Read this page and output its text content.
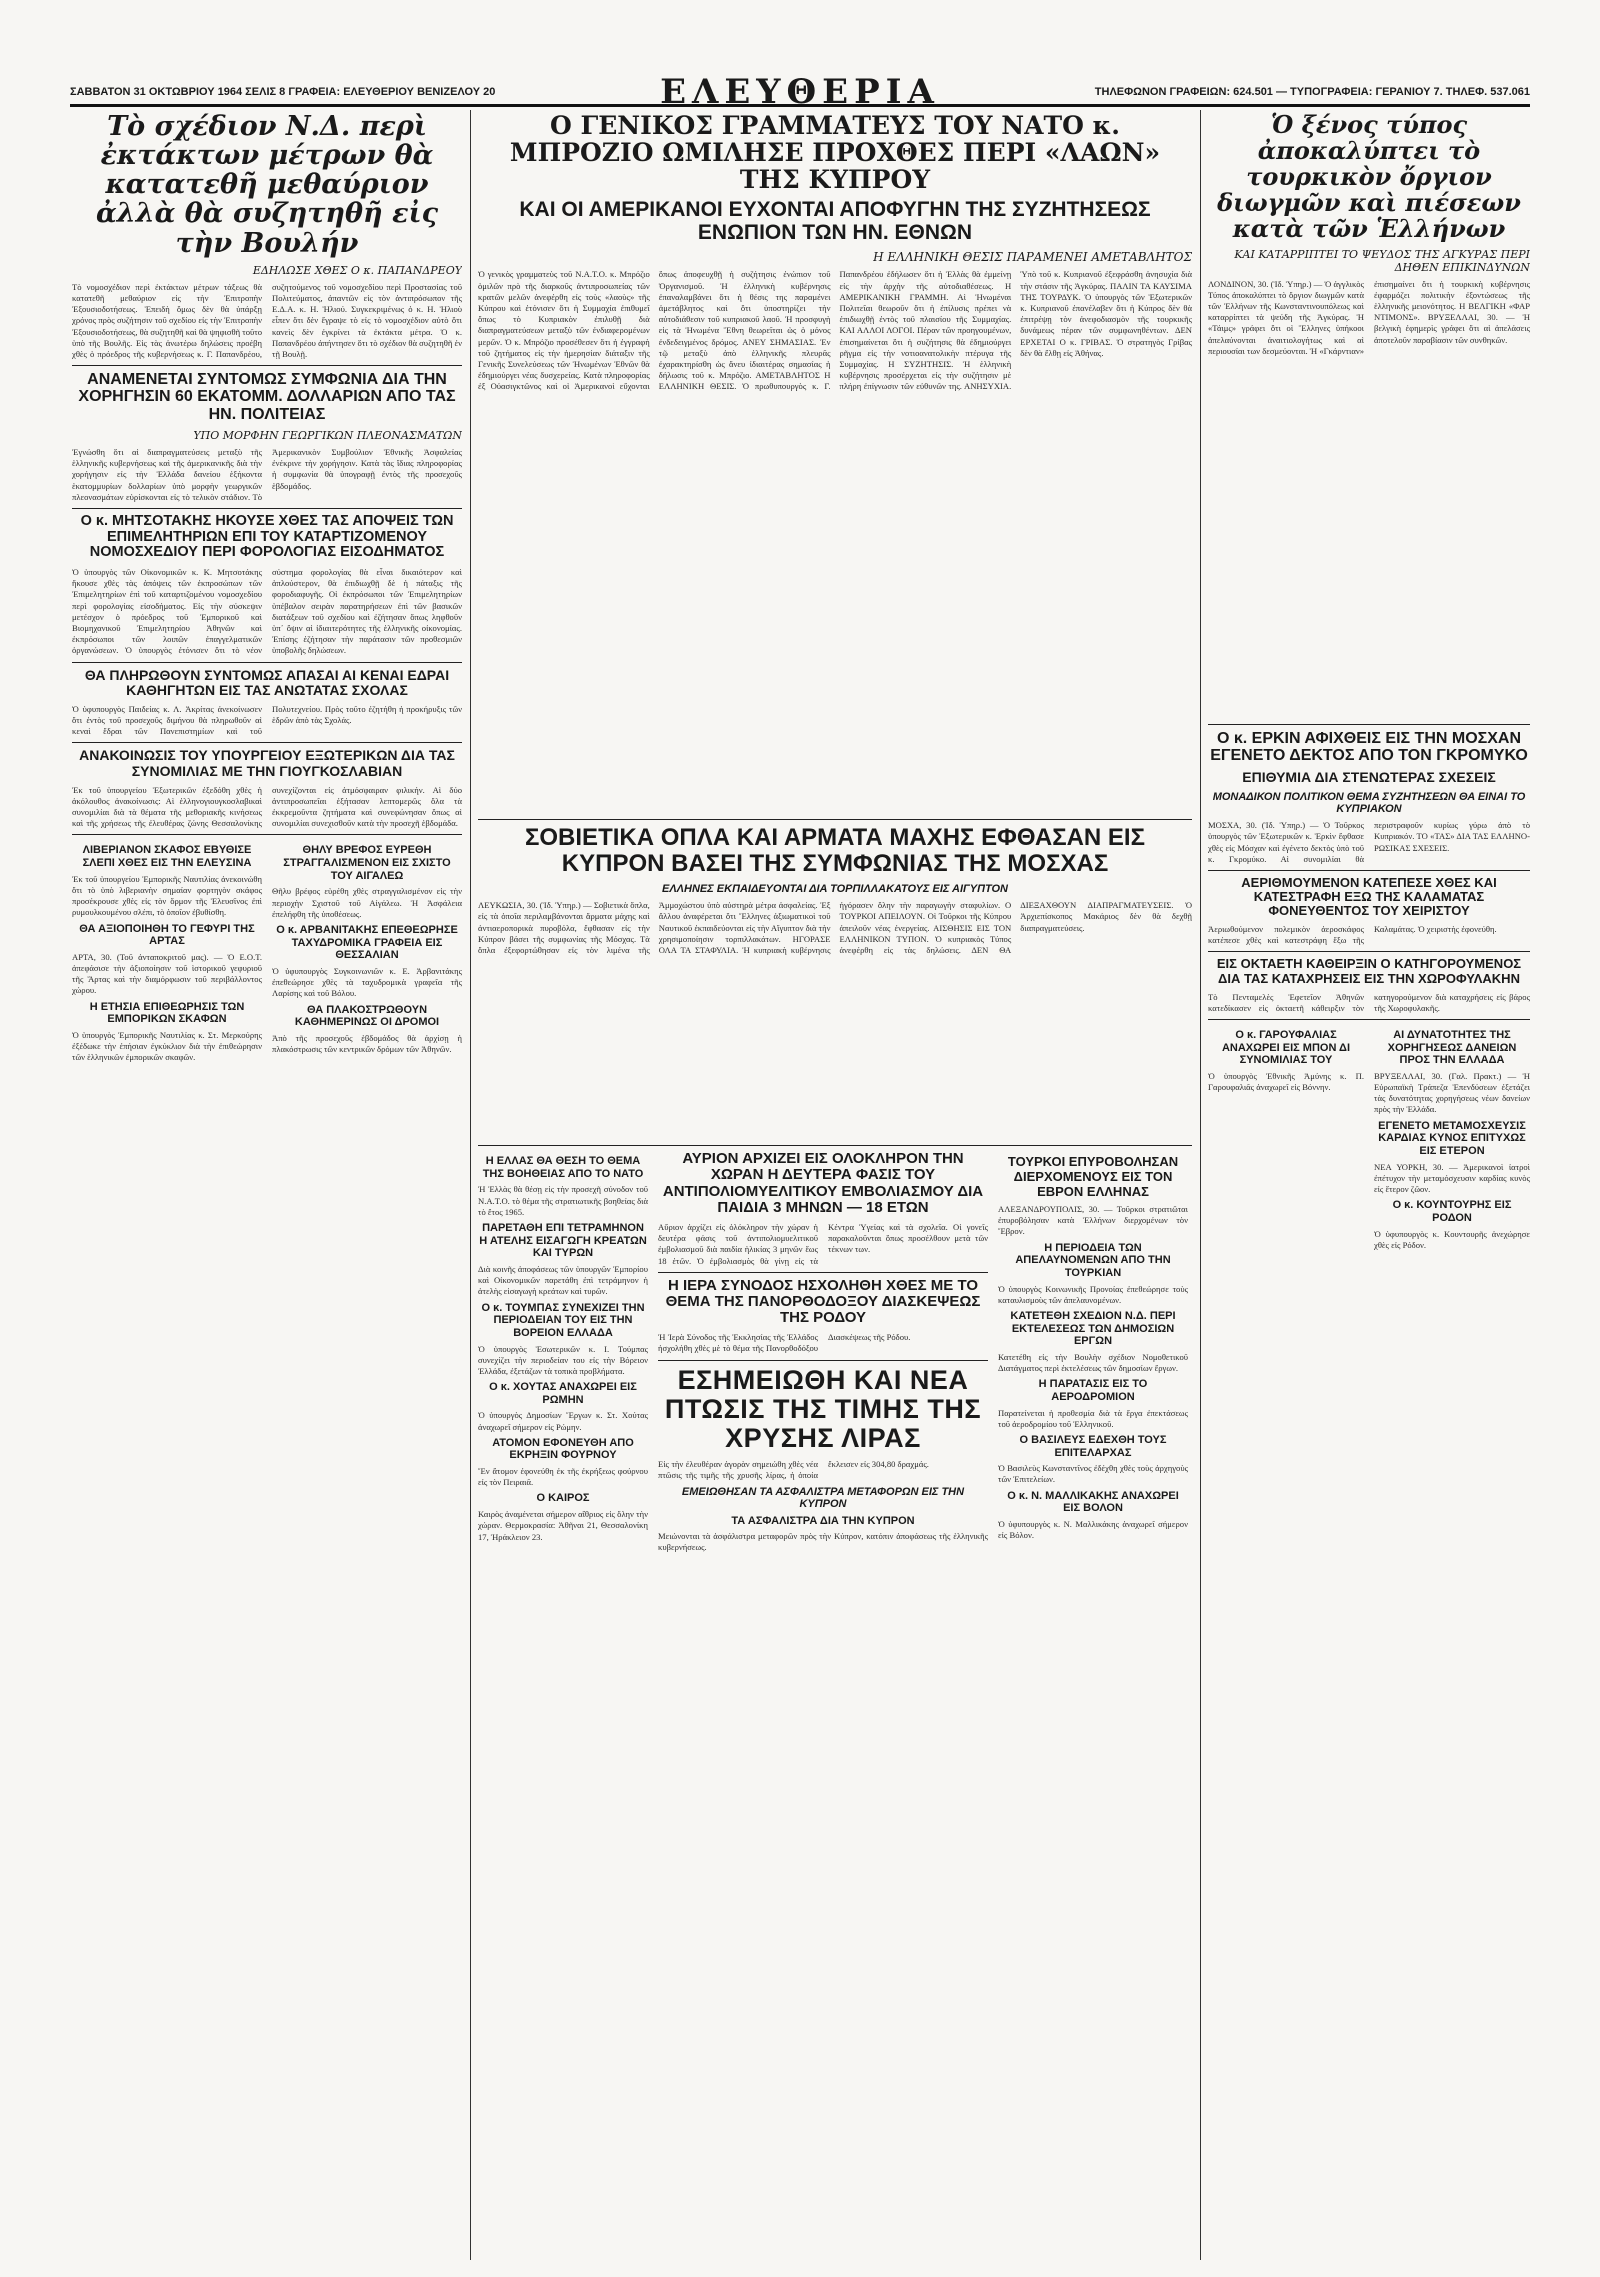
ΣΑΒΒΑΤΟΝ 31 ΟΚΤΩΒΡΙΟΥ 1964 ΣΕΛΙΣ 8 ΓΡΑΦΕΙΑ: ΕΛΕΥΘΕΡΙΟΥ ΒΕΝΙΖΕΛΟΥ 20	ΕΛΕΥΘΕΡΙΑ	ΤΗΛΕΦΩΝΟΝ ΓΡΑΦΕΙΩΝ: 624.501 — ΤΥΠΟΓΡΑΦΕΙΑ: ΓΕΡΑΝΙΟΥ 7. ΤΗΛΕΦ. 537.061
Τὸ σχέδιον Ν.Δ. περὶ ἐκτάκτων μέτρων θὰ κατατεθῆ μεθαύριον ἀλλὰ θὰ συζητηθῆ εἰς τὴν Βουλήν
ΕΔΗΛΩΣΕ ΧΘΕΣ Ο κ. ΠΑΠΑΝΔΡΕΟΥ
Τὸ νομοσχέδιον περὶ ἐκτάκτων μέτρων τάξεως θὰ κατατεθῆ μεθαύριον εἰς τὴν Ἐπιτροπὴν Ἐξουσιοδοτήσεως. Ἐπειδὴ ὅμως δὲν θὰ ὑπάρξῃ χρόνος πρὸς συζήτησιν τοῦ σχεδίου εἰς τὴν Ἐπιτροπὴν Ἐξουσιοδοτήσεως, θὰ συζητηθῆ καὶ θὰ ψηφισθῆ τοῦτο ὑπὸ τῆς Βουλῆς. Εἰς τὰς ἀνωτέρω δηλώσεις προέβη χθὲς ὁ πρόεδρος τῆς κυβερνήσεως κ. Γ. Παπανδρέου, συζητούμενος τοῦ νομοσχεδίου περὶ Προστασίας τοῦ Πολιτεύματος, ἀπαντῶν εἰς τὸν ἀντιπρόσωπον τῆς Ε.Δ.Α. κ. Η. Ἠλιού. Συγκεκριμένως ὁ κ. Η. Ἠλιοὺ εἶπεν ὅτι δὲν ἔγραψε τὸ εἰς τὸ νομοσχέδιον αὐτὸ ὅτι κανεὶς δὲν ἐγκρίνει τὰ ἐκτάκτα μέτρα. Ὁ κ. Παπανδρέου ἀπήντησεν ὅτι τὸ σχέδιον θὰ συζητηθῆ ἐν τῇ Βουλῇ.
ΑΝΑΜΕΝΕΤΑΙ ΣΥΝΤΟΜΩΣ ΣΥΜΦΩΝΙΑ ΔΙΑ ΤΗΝ ΧΟΡΗΓΗΣΙΝ 60 ΕΚΑΤΟΜΜ. ΔΟΛΛΑΡΙΩΝ ΑΠΟ ΤΑΣ ΗΝ. ΠΟΛΙΤΕΙΑΣ
ΥΠΟ ΜΟΡΦΗΝ ΓΕΩΡΓΙΚΩΝ ΠΛΕΟΝΑΣΜΑΤΩΝ
Ἐγνώσθη ὅτι αἱ διαπραγματεύσεις μεταξὺ τῆς ἑλληνικῆς κυβερνήσεως καὶ τῆς ἀμερικανικῆς διὰ τὴν χορήγησιν εἰς τὴν Ἑλλάδα δανείου ἑξήκοντα ἑκατομμυρίων δολλαρίων ὑπὸ μορφὴν γεωργικῶν πλεονασμάτων εὑρίσκονται εἰς τὸ τελικὸν στάδιον. Τὸ Ἀμερικανικὸν Συμβούλιον Ἐθνικῆς Ἀσφαλείας ἐνέκρινε τὴν χορήγησιν. Κατὰ τὰς ἴδιας πληροφορίας ἡ συμφωνία θὰ ὑπογραφῇ ἐντὸς τῆς προσεχοῦς ἑβδομάδος.
Ο κ. ΜΗΤΣΟΤΑΚΗΣ ΗΚΟΥΣΕ ΧΘΕΣ ΤΑΣ ΑΠΟΨΕΙΣ ΤΩΝ ΕΠΙΜΕΛΗΤΗΡΙΩΝ ΕΠΙ ΤΟΥ ΚΑΤΑΡΤΙΖΟΜΕΝΟΥ ΝΟΜΟΣΧΕΔΙΟΥ ΠΕΡΙ ΦΟΡΟΛΟΓΙΑΣ ΕΙΣΟΔΗΜΑΤΟΣ
Ὁ ὑπουργὸς τῶν Οἰκονομικῶν κ. Κ. Μητσοτάκης ἤκουσε χθὲς τὰς ἀπόψεις τῶν ἐκπροσώπων τῶν Ἐπιμελητηρίων ἐπὶ τοῦ καταρτιζομένου νομοσχεδίου περὶ φορολογίας εἰσοδήματος. Εἰς τὴν σύσκεψιν μετέσχον ὁ πρόεδρος τοῦ Ἐμπορικοῦ καὶ Βιομηχανικοῦ Ἐπιμελητηρίου Ἀθηνῶν καὶ ἐκπρόσωποι τῶν λοιπῶν ἐπαγγελματικῶν ὀργανώσεων. Ὁ ὑπουργὸς ἐτόνισεν ὅτι τὸ νέον σύστημα φορολογίας θὰ εἶναι δικαιότερον καὶ ἁπλούστερον, θὰ ἐπιδιωχθῇ δὲ ἡ πάταξις τῆς φοροδιαφυγῆς. Οἱ ἐκπρόσωποι τῶν Ἐπιμελητηρίων ὑπέβαλον σειρὰν παρατηρήσεων ἐπὶ τῶν βασικῶν διατάξεων τοῦ σχεδίου καὶ ἐζήτησαν ὅπως ληφθοῦν ὑπ᾽ ὄψιν αἱ ἰδιαιτερότητες τῆς ἑλληνικῆς οἰκονομίας. Ἐπίσης ἐζήτησαν τὴν παράτασιν τῶν προθεσμιῶν ὑποβολῆς δηλώσεων.
ΘΑ ΠΛΗΡΩΘΟΥΝ ΣΥΝΤΟΜΩΣ ΑΠΑΣΑΙ ΑΙ ΚΕΝΑΙ ΕΔΡΑΙ ΚΑΘΗΓΗΤΩΝ ΕΙΣ ΤΑΣ ΑΝΩΤΑΤΑΣ ΣΧΟΛΑΣ
Ὁ ὑφυπουργὸς Παιδείας κ. Λ. Ἀκρίτας ἀνεκοίνωσεν ὅτι ἐντὸς τοῦ προσεχοῦς διμήνου θὰ πληρωθοῦν αἱ κεναὶ ἕδραι τῶν Πανεπιστημίων καὶ τοῦ Πολυτεχνείου. Πρὸς τοῦτο ἐζητήθη ἡ προκήρυξις τῶν ἑδρῶν ἀπὸ τὰς Σχολάς.
ΑΝΑΚΟΙΝΩΣΙΣ ΤΟΥ ΥΠΟΥΡΓΕΙΟΥ ΕΞΩΤΕΡΙΚΩΝ ΔΙΑ ΤΑΣ ΣΥΝΟΜΙΛΙΑΣ ΜΕ ΤΗΝ ΓΙΟΥΓΚΟΣΛΑΒΙΑΝ
Ἐκ τοῦ ὑπουργείου Ἐξωτερικῶν ἐξεδόθη χθὲς ἡ ἀκόλουθος ἀνακοίνωσις: Αἱ ἑλληνογιουγκοσλαβικαὶ συνομιλίαι διὰ τὰ θέματα τῆς μεθοριακῆς κινήσεως καὶ τῆς χρήσεως τῆς ἐλευθέρας ζώνης Θεσσαλονίκης συνεχίζονται εἰς ἀτμόσφαιραν φιλικήν. Αἱ δύο ἀντιπροσωπεῖαι ἐξήτασαν λεπτομερῶς ὅλα τὰ ἐκκρεμοῦντα ζητήματα καὶ συνεφώνησαν ὅπως αἱ συνομιλίαι συνεχισθοῦν κατὰ τὴν προσεχῆ ἑβδομάδα.
ΛΙΒΕΡΙΑΝΟΝ ΣΚΑΦΟΣ ΕΒΥΘΙΣΕ ΣΛΕΠΙ ΧΘΕΣ ΕΙΣ ΤΗΝ ΕΛΕΥΣΙΝΑ
Ἐκ τοῦ ὑπουργείου Ἐμπορικῆς Ναυτιλίας ἀνεκοινώθη ὅτι τὸ ὑπὸ λιβεριανὴν σημαίαν φορτηγὸν σκάφος προσέκρουσε χθὲς εἰς τὸν ὅρμον τῆς Ἐλευσῖνος ἐπὶ ρυμουλκουμένου σλέπι, τὸ ὁποῖον ἐβυθίσθη.
ΘΑ ΑΞΙΟΠΟΙΗΘΗ ΤΟ ΓΕΦΥΡΙ ΤΗΣ ΑΡΤΑΣ
ΑΡΤΑ, 30. (Τοῦ ἀνταποκριτοῦ μας). — Ὁ Ε.Ο.Τ. ἀπεφάσισε τὴν ἀξιοποίησιν τοῦ ἱστορικοῦ γεφυριοῦ τῆς Ἄρτας καὶ τὴν διαμόρφωσιν τοῦ περιβάλλοντος χώρου.
Η ΕΤΗΣΙΑ ΕΠΙΘΕΩΡΗΣΙΣ ΤΩΝ ΕΜΠΟΡΙΚΩΝ ΣΚΑΦΩΝ
Ὁ ὑπουργὸς Ἐμπορικῆς Ναυτιλίας κ. Στ. Μερκούρης ἐξέδωκε τὴν ἐπήσιαν ἐγκύκλιον διὰ τὴν ἐπιθεώρησιν τῶν ἑλληνικῶν ἐμπορικῶν σκαφῶν.
ΘΗΛΥ ΒΡΕΦΟΣ ΕΥΡΕΘΗ ΣΤΡΑΓΓΑΛΙΣΜΕΝΟΝ ΕΙΣ ΣΧΙΣΤΟ ΤΟΥ ΑΙΓΑΛΕΩ
Θῆλυ βρέφος εὑρέθη χθὲς στραγγαλισμένον εἰς τὴν περιοχὴν Σχιστοῦ τοῦ Αἰγάλεω. Ἡ Ἀσφάλεια ἐπελήφθη τῆς ὑποθέσεως.
Ο κ. ΑΡΒΑΝΙΤΑΚΗΣ ΕΠΕΘΕΩΡΗΣΕ ΤΑΧΥΔΡΟΜΙΚΑ ΓΡΑΦΕΙΑ ΕΙΣ ΘΕΣΣΑΛΙΑΝ
Ὁ ὑφυπουργὸς Συγκοινωνιῶν κ. Ε. Ἀρβανιτάκης ἐπεθεώρησε χθὲς τὰ ταχυδρομικὰ γραφεῖα τῆς Λαρίσης καὶ τοῦ Βόλου.
ΘΑ ΠΛΑΚΟΣΤΡΩΘΟΥΝ ΚΑΘΗΜΕΡΙΝΩΣ ΟΙ ΔΡΟΜΟΙ
Ἀπὸ τῆς προσεχοῦς ἑβδομάδος θὰ ἀρχίσῃ ἡ πλακόστρωσις τῶν κεντρικῶν δρόμων τῶν Ἀθηνῶν.
Ο ΓΕΝΙΚΟΣ ΓΡΑΜΜΑΤΕΥΣ ΤΟΥ ΝΑΤΟ κ. ΜΠΡΟΖΙΟ ΩΜΙΛΗΣΕ ΠΡΟΧΘΕΣ ΠΕΡΙ «ΛΑΩΝ» ΤΗΣ ΚΥΠΡΟΥ
ΚΑΙ ΟΙ ΑΜΕΡΙΚΑΝΟΙ ΕΥΧΟΝΤΑΙ ΑΠΟΦΥΓΗΝ ΤΗΣ ΣΥΖΗΤΗΣΕΩΣ ΕΝΩΠΙΟΝ ΤΩΝ ΗΝ. ΕΘΝΩΝ
Η ΕΛΛΗΝΙΚΗ ΘΕΣΙΣ ΠΑΡΑΜΕΝΕΙ ΑΜΕΤΑΒΛΗΤΟΣ
Ὁ γενικὸς γραμματεὺς τοῦ Ν.Α.Τ.Ο. κ. Μπρόζιο ὁμιλῶν πρὸ τῆς διαρκοῦς ἀντιπροσωπείας τῶν κρατῶν μελῶν ἀνεφέρθη εἰς τοὺς «λαοὺς» τῆς Κύπρου καὶ ἐτόνισεν ὅτι ἡ Συμμαχία ἐπιθυμεῖ ὅπως τὸ Κυπριακὸν ἐπιλυθῇ διὰ διαπραγματεύσεων μεταξὺ τῶν ἐνδιαφερομένων μερῶν. Ὁ κ. Μπρόζιο προσέθεσεν ὅτι ἡ ἐγγραφὴ τοῦ ζητήματος εἰς τὴν ἡμερησίαν διάταξιν τῆς Γενικῆς Συνελεύσεως τῶν Ἡνωμένων Ἐθνῶν θὰ ἐδημιούργει νέας δυσχερείας. Κατὰ πληροφορίας ἐξ Οὐασιγκτῶνος καὶ οἱ Ἀμερικανοὶ εὔχονται ὅπως ἀποφευχθῇ ἡ συζήτησις ἐνώπιον τοῦ Ὀργανισμοῦ. Ἡ ἑλληνικὴ κυβέρνησις ἐπαναλαμβάνει ὅτι ἡ θέσις της παραμένει ἀμετάβλητος καὶ ὅτι ὑποστηρίζει τὴν αὐτοδιάθεσιν τοῦ κυπριακοῦ λαοῦ. Ἡ προσφυγὴ εἰς τὰ Ἡνωμένα Ἔθνη θεωρεῖται ὡς ὁ μόνος ἐνδεδειγμένος δρόμος. ΑΝΕΥ ΣΗΜΑΣΙΑΣ. Ἐν τῷ μεταξὺ ἀπὸ ἑλληνικῆς πλευρᾶς ἐχαρακτηρίσθη ὡς ἄνευ ἰδιαιτέρας σημασίας ἡ δήλωσις τοῦ κ. Μπρόζιο. ΑΜΕΤΑΒΛΗΤΟΣ Η ΕΛΛΗΝΙΚΗ ΘΕΣΙΣ. Ὁ πρωθυπουργὸς κ. Γ. Παπανδρέου ἐδήλωσεν ὅτι ἡ Ἑλλὰς θὰ ἐμμείνῃ εἰς τὴν ἀρχὴν τῆς αὐτοδιαθέσεως. Η ΑΜΕΡΙΚΑΝΙΚΗ ΓΡΑΜΜΗ. Αἱ Ἡνωμέναι Πολιτεῖαι θεωροῦν ὅτι ἡ ἐπίλυσις πρέπει νὰ ἐπιδιωχθῇ ἐντὸς τοῦ πλαισίου τῆς Συμμαχίας. ΚΑΙ ΑΛΛΟΙ ΛΟΓΟΙ. Πέραν τῶν προηγουμένων, ἐπισημαίνεται ὅτι ἡ συζήτησις θὰ ἐδημιούργει ρῆγμα εἰς τὴν νοτιοανατολικὴν πτέρυγα τῆς Συμμαχίας. Η ΣΥΖΗΤΗΣΙΣ. Ἡ ἑλληνικὴ κυβέρνησις προσέρχεται εἰς τὴν συζήτησιν μὲ πλήρη ἐπίγνωσιν τῶν εὐθυνῶν της. ΑΝΗΣΥΧΙΑ. Ὑπὸ τοῦ κ. Κυπριανοῦ ἐξεφράσθη ἀνησυχία διὰ τὴν στάσιν τῆς Ἀγκύρας. ΠΑΛΙΝ ΤΑ ΚΑΥΣΙΜΑ ΤΗΣ ΤΟΥΡΔΥΚ. Ὁ ὑπουργὸς τῶν Ἐξωτερικῶν κ. Κυπριανοῦ ἐπανέλαβεν ὅτι ἡ Κύπρος δὲν θὰ ἐπιτρέψῃ τὸν ἀνεφοδιασμὸν τῆς τουρκικῆς δυνάμεως πέραν τῶν συμφωνηθέντων. ΔΕΝ ΕΡΧΕΤΑΙ Ο κ. ΓΡΙΒΑΣ. Ὁ στρατηγὸς Γρίβας δὲν θὰ ἔλθῃ εἰς Ἀθήνας.
ΣΟΒΙΕΤΙΚΑ ΟΠΛΑ ΚΑΙ ΑΡΜΑΤΑ ΜΑΧΗΣ ΕΦΘΑΣΑΝ ΕΙΣ ΚΥΠΡΟΝ ΒΑΣΕΙ ΤΗΣ ΣΥΜΦΩΝΙΑΣ ΤΗΣ ΜΟΣΧΑΣ
ΕΛΛΗΝΕΣ ΕΚΠΑΙΔΕΥΟΝΤΑΙ ΔΙΑ ΤΟΡΠΙΛΛΑΚΑΤΟΥΣ ΕΙΣ ΑΙΓΥΠΤΟΝ
ΛΕΥΚΩΣΙΑ, 30. (Ἰδ. Ὑπηρ.) — Σοβιετικὰ ὅπλα, εἰς τὰ ὁποῖα περιλαμβάνονται ἅρματα μάχης καὶ ἀντιαεροπορικὰ πυροβόλα, ἔφθασαν εἰς τὴν Κύπρον βάσει τῆς συμφωνίας τῆς Μόσχας. Τὰ ὅπλα ἐξεφορτώθησαν εἰς τὸν λιμένα τῆς Ἀμμοχώστου ὑπὸ αὐστηρὰ μέτρα ἀσφαλείας. Ἐξ ἄλλου ἀναφέρεται ὅτι Ἕλληνες ἀξιωματικοὶ τοῦ Ναυτικοῦ ἐκπαιδεύονται εἰς τὴν Αἴγυπτον διὰ τὴν χρησιμοποίησιν τορπιλλακάτων. ΗΓΟΡΑΣΕ ΟΛΑ ΤΑ ΣΤΑΦΥΛΙΑ. Ἡ κυπριακὴ κυβέρνησις ἠγόρασεν ὅλην τὴν παραγωγὴν σταφυλίων. Ο ΤΟΥΡΚΟΙ ΑΠΕΙΛΟΥΝ. Οἱ Τοῦρκοι τῆς Κύπρου ἀπειλοῦν νέας ἐνεργείας. ΑΙΣΘΗΣΙΣ ΕΙΣ ΤΟΝ ΕΛΛΗΝΙΚΟΝ ΤΥΠΟΝ. Ὁ κυπριακὸς Τύπος ἀνεφέρθη εἰς τὰς δηλώσεις. ΔΕΝ ΘΑ ΔΙΕΞΑΧΘΟΥΝ ΔΙΑΠΡΑΓΜΑΤΕΥΣΕΙΣ. Ὁ Ἀρχιεπίσκοπος Μακάριος δὲν θὰ δεχθῇ διαπραγματεύσεις.
Η ΕΛΛΑΣ ΘΑ ΘΕΣΗ ΤΟ ΘΕΜΑ ΤΗΣ ΒΟΗΘΕΙΑΣ ΑΠΟ ΤΟ ΝΑΤΟ
Ἡ Ἑλλὰς θὰ θέσῃ εἰς τὴν προσεχῆ σύνοδον τοῦ Ν.Α.Τ.Ο. τὸ θέμα τῆς στρατιωτικῆς βοηθείας διὰ τὸ ἔτος 1965.
ΠΑΡΕΤΑΘΗ ΕΠΙ ΤΕΤΡΑΜΗΝΟΝ Η ΑΤΕΛΗΣ ΕΙΣΑΓΩΓΗ ΚΡΕΑΤΩΝ ΚΑΙ ΤΥΡΩΝ
Διὰ κοινῆς ἀποφάσεως τῶν ὑπουργῶν Ἐμπορίου καὶ Οἰκονομικῶν παρετάθη ἐπὶ τετράμηνον ἡ ἀτελὴς εἰσαγωγὴ κρεάτων καὶ τυρῶν.
Ο κ. ΤΟΥΜΠΑΣ ΣΥΝΕΧΙΖΕΙ ΤΗΝ ΠΕΡΙΟΔΕΙΑΝ ΤΟΥ ΕΙΣ ΤΗΝ ΒΟΡΕΙΟΝ ΕΛΛΑΔΑ
Ὁ ὑπουργὸς Ἐσωτερικῶν κ. Ι. Τούμπας συνεχίζει τὴν περιοδείαν του εἰς τὴν Βόρειον Ἑλλάδα, ἐξετάζων τὰ τοπικὰ προβλήματα.
Ο κ. ΧΟΥΤΑΣ ΑΝΑΧΩΡΕΙ ΕΙΣ ΡΩΜΗΝ
Ὁ ὑπουργὸς Δημοσίων Ἔργων κ. Στ. Χούτας ἀναχωρεῖ σήμερον εἰς Ρώμην.
ΑΤΟΜΟΝ ΕΦΟΝΕΥΘΗ ΑΠΟ ΕΚΡΗΞΙΝ ΦΟΥΡΝΟΥ
Ἕν ἄτομον ἐφονεύθη ἐκ τῆς ἐκρήξεως φούρνου εἰς τὸν Πειραιᾶ.
Ο ΚΑΙΡΟΣ
Καιρὸς ἀναμένεται σήμερον αἴθριος εἰς ὅλην τὴν χώραν. Θερμοκρασία: Ἀθῆναι 21, Θεσσαλονίκη 17, Ἡράκλειον 23.
ΑΥΡΙΟΝ ΑΡΧΙΖΕΙ ΕΙΣ ΟΛΟΚΛΗΡΟΝ ΤΗΝ ΧΩΡΑΝ Η ΔΕΥΤΕΡΑ ΦΑΣΙΣ ΤΟΥ ΑΝΤΙΠΟΛΙΟΜΥΕΛΙΤΙΚΟΥ ΕΜΒΟΛΙΑΣΜΟΥ ΔΙΑ ΠΑΙΔΙΑ 3 ΜΗΝΩΝ — 18 ΕΤΩΝ
Αὔριον ἀρχίζει εἰς ὁλόκληρον τὴν χώραν ἡ δευτέρα φάσις τοῦ ἀντιπολιομυελιτικοῦ ἐμβολιασμοῦ διὰ παιδία ἡλικίας 3 μηνῶν ἕως 18 ἐτῶν. Ὁ ἐμβολιασμὸς θὰ γίνῃ εἰς τὰ Κέντρα Ὑγείας καὶ τὰ σχολεῖα. Οἱ γονεῖς παρακαλοῦνται ὅπως προσέλθουν μετὰ τῶν τέκνων των.
Η ΙΕΡΑ ΣΥΝΟΔΟΣ ΗΣΧΟΛΗΘΗ ΧΘΕΣ ΜΕ ΤΟ ΘΕΜΑ ΤΗΣ ΠΑΝΟΡΘΟΔΟΞΟΥ ΔΙΑΣΚΕΨΕΩΣ ΤΗΣ ΡΟΔΟΥ
Ἡ Ἱερὰ Σύνοδος τῆς Ἐκκλησίας τῆς Ἑλλάδος ἠσχολήθη χθὲς μὲ τὸ θέμα τῆς Πανορθοδόξου Διασκέψεως τῆς Ρόδου.
ΕΣΗΜΕΙΩΘΗ ΚΑΙ ΝΕΑ ΠΤΩΣΙΣ ΤΗΣ ΤΙΜΗΣ ΤΗΣ ΧΡΥΣΗΣ ΛΙΡΑΣ
Εἰς τὴν ἐλευθέραν ἀγορὰν σημειώθη χθὲς νέα πτῶσις τῆς τιμῆς τῆς χρυσῆς λίρας, ἡ ὁποία ἔκλεισεν εἰς 304,80 δραχμάς.
ΕΜΕΙΩΘΗΣΑΝ ΤΑ ΑΣΦΑΛΙΣΤΡΑ ΜΕΤΑΦΟΡΩΝ ΕΙΣ ΤΗΝ ΚΥΠΡΟΝ
ΤΑ ΑΣΦΑΛΙΣΤΡΑ ΔΙΑ ΤΗΝ ΚΥΠΡΟΝ
Μειώνονται τὰ ἀσφάλιστρα μεταφορῶν πρὸς τὴν Κύπρον, κατόπιν ἀποφάσεως τῆς ἑλληνικῆς κυβερνήσεως.
ΤΟΥΡΚΟΙ ΕΠΥΡΟΒΟΛΗΣΑΝ ΔΙΕΡΧΟΜΕΝΟΥΣ ΕΙΣ ΤΟΝ ΕΒΡΟΝ ΕΛΛΗΝΑΣ
ΑΛΕΞΑΝΔΡΟΥΠΟΛΙΣ, 30. — Τοῦρκοι στρατιῶται ἐπυροβόλησαν κατὰ Ἑλλήνων διερχομένων τὸν Ἕβρον.
Η ΠΕΡΙΟΔΕΙΑ ΤΩΝ ΑΠΕΛΑΥΝΟΜΕΝΩΝ ΑΠΟ ΤΗΝ ΤΟΥΡΚΙΑΝ
Ὁ ὑπουργὸς Κοινωνικῆς Προνοίας ἐπεθεώρησε τοὺς καταυλισμοὺς τῶν ἀπελαυνομένων.
ΚΑΤΕΤΕΘΗ ΣΧΕΔΙΟΝ Ν.Δ. ΠΕΡΙ ΕΚΤΕΛΕΣΕΩΣ ΤΩΝ ΔΗΜΟΣΙΩΝ ΕΡΓΩΝ
Κατετέθη εἰς τὴν Βουλὴν σχέδιον Νομοθετικοῦ Διατάγματος περὶ ἐκτελέσεως τῶν δημοσίων ἔργων.
Η ΠΑΡΑΤΑΣΙΣ ΕΙΣ ΤΟ ΑΕΡΟΔΡΟΜΙΟΝ
Παρατείνεται ἡ προθεσμία διὰ τὰ ἔργα ἐπεκτάσεως τοῦ ἀεροδρομίου τοῦ Ἑλληνικοῦ.
Ο ΒΑΣΙΛΕΥΣ ΕΔΕΧΘΗ ΤΟΥΣ ΕΠΙΤΕΛΑΡΧΑΣ
Ὁ Βασιλεὺς Κωνσταντῖνος ἐδέχθη χθὲς τοὺς ἀρχηγοὺς τῶν Ἐπιτελείων.
Ο κ. Ν. ΜΑΛΛΙΚΑΚΗΣ ΑΝΑΧΩΡΕΙ ΕΙΣ ΒΟΛΟΝ
Ὁ ὑφυπουργὸς κ. Ν. Μαλλικάκης ἀναχωρεῖ σήμερον εἰς Βόλον.
Ὁ ξένος τύπος ἀποκαλύπτει τὸ τουρκικὸν ὄργιον διωγμῶν καὶ πιέσεων κατὰ τῶν Ἑλλήνων
ΚΑΙ ΚΑΤΑΡΡΙΠΤΕΙ ΤΟ ΨΕΥΔΟΣ ΤΗΣ ΑΓΚΥΡΑΣ ΠΕΡΙ ΔΗΘΕΝ ΕΠΙΚΙΝΔΥΝΩΝ
ΛΟΝΔΙΝΟΝ, 30. (Ἰδ. Ὑπηρ.) — Ὁ ἀγγλικὸς Τύπος ἀποκαλύπτει τὸ ὄργιον διωγμῶν κατὰ τῶν Ἑλλήνων τῆς Κωνσταντινουπόλεως καὶ καταρρίπτει τὰ ψεύδη τῆς Ἀγκύρας. Ἡ «Τάιμς» γράφει ὅτι οἱ Ἕλληνες ὑπήκοοι ἀπελαύνονται ἀναιτιολογήτως καὶ αἱ περιουσίαι των δεσμεύονται. Ἡ «Γκάρντιαν» ἐπισημαίνει ὅτι ἡ τουρκικὴ κυβέρνησις ἐφαρμόζει πολιτικὴν ἐξοντώσεως τῆς ἑλληνικῆς μειονότητος. Η ΒΕΛΓΙΚΗ «ΦΑΡ ΝΤΙΜΟΝΣ». ΒΡΥΞΕΛΛΑΙ, 30. — Ἡ βελγικὴ ἐφημερὶς γράφει ὅτι αἱ ἀπελάσεις ἀποτελοῦν παραβίασιν τῶν συνθηκῶν.
Ο κ. ΕΡΚΙΝ ΑΦΙΧΘΕΙΣ ΕΙΣ ΤΗΝ ΜΟΣΧΑΝ ΕΓΕΝΕΤΟ ΔΕΚΤΟΣ ΑΠΟ ΤΟΝ ΓΚΡΟΜΥΚΟ
ΕΠΙΘΥΜΙΑ ΔΙΑ ΣΤΕΝΩΤΕΡΑΣ ΣΧΕΣΕΙΣ
ΜΟΝΑΔΙΚΟΝ ΠΟΛΙΤΙΚΟΝ ΘΕΜΑ ΣΥΖΗΤΗΣΕΩΝ ΘΑ ΕΙΝΑΙ ΤΟ ΚΥΠΡΙΑΚΟΝ
ΜΟΣΧΑ, 30. (Ἰδ. Ὑπηρ.) — Ὁ Τοῦρκος ὑπουργὸς τῶν Ἐξωτερικῶν κ. Ἐρκὶν ἔφθασε χθὲς εἰς Μόσχαν καὶ ἐγένετο δεκτὸς ὑπὸ τοῦ κ. Γκρομύκο. Αἱ συνομιλίαι θὰ περιστραφοῦν κυρίως γύρω ἀπὸ τὸ Κυπριακόν. ΤΟ «ΤΑΣ» ΔΙΑ ΤΑΣ ΕΛΛΗΝΟ-ΡΩΣΙΚΑΣ ΣΧΕΣΕΙΣ.
ΑΕΡΙΘΜΟΥΜΕΝΟΝ ΚΑΤΕΠΕΣΕ ΧΘΕΣ ΚΑΙ ΚΑΤΕΣΤΡΑΦΗ ΕΞΩ ΤΗΣ ΚΑΛΑΜΑΤΑΣ ΦΟΝΕΥΘΕΝΤΟΣ ΤΟΥ ΧΕΙΡΙΣΤΟΥ
Ἀεριωθούμενον πολεμικὸν ἀεροσκάφος κατέπεσε χθὲς καὶ κατεστράφη ἔξω τῆς Καλαμάτας. Ὁ χειριστὴς ἐφονεύθη.
ΕΙΣ ΟΚΤΑΕΤΗ ΚΑΘΕΙΡΞΙΝ Ο ΚΑΤΗΓΟΡΟΥΜΕΝΟΣ ΔΙΑ ΤΑΣ ΚΑΤΑΧΡΗΣΕΙΣ ΕΙΣ ΤΗΝ ΧΩΡΟΦΥΛΑΚΗΝ
Τὸ Πενταμελὲς Ἐφετεῖον Ἀθηνῶν κατεδίκασεν εἰς ὀκταετῆ κάθειρξιν τὸν κατηγορούμενον διὰ καταχρήσεις εἰς βάρος τῆς Χωροφυλακῆς.
Ο κ. ΓΑΡΟΥΦΑΛΙΑΣ ΑΝΑΧΩΡΕΙ ΕΙΣ ΜΠΟΝ ΔΙ ΣΥΝΟΜΙΛΙΑΣ ΤΟΥ
Ὁ ὑπουργὸς Ἐθνικῆς Ἀμύνης κ. Π. Γαρουφαλιᾶς ἀναχωρεῖ εἰς Βόννην.
ΑΙ ΔΥΝΑΤΟΤΗΤΕΣ ΤΗΣ ΧΟΡΗΓΗΣΕΩΣ ΔΑΝΕΙΩΝ ΠΡΟΣ ΤΗΝ ΕΛΛΑΔΑ
ΒΡΥΞΕΛΛΑΙ, 30. (Γαλ. Πρακτ.) — Ἡ Εὐρωπαϊκὴ Τράπεζα Ἐπενδύσεων ἐξετάζει τὰς δυνατότητας χορηγήσεως νέων δανείων πρὸς τὴν Ἑλλάδα.
ΕΓΕΝΕΤΟ ΜΕΤΑΜΟΣΧΕΥΣΙΣ ΚΑΡΔΙΑΣ ΚΥΝΟΣ ΕΠΙΤΥΧΩΣ ΕΙΣ ΕΤΕΡΟΝ
ΝΕΑ ΥΟΡΚΗ, 30. — Ἀμερικανοὶ ἰατροὶ ἐπέτυχον τὴν μεταμόσχευσιν καρδίας κυνὸς εἰς ἕτερον ζῶον.
Ο κ. ΚΟΥΝΤΟΥΡΗΣ ΕΙΣ ΡΟΔΟΝ
Ὁ ὑφυπουργὸς κ. Κουντουρῆς ἀνεχώρησε χθὲς εἰς Ρόδον.
